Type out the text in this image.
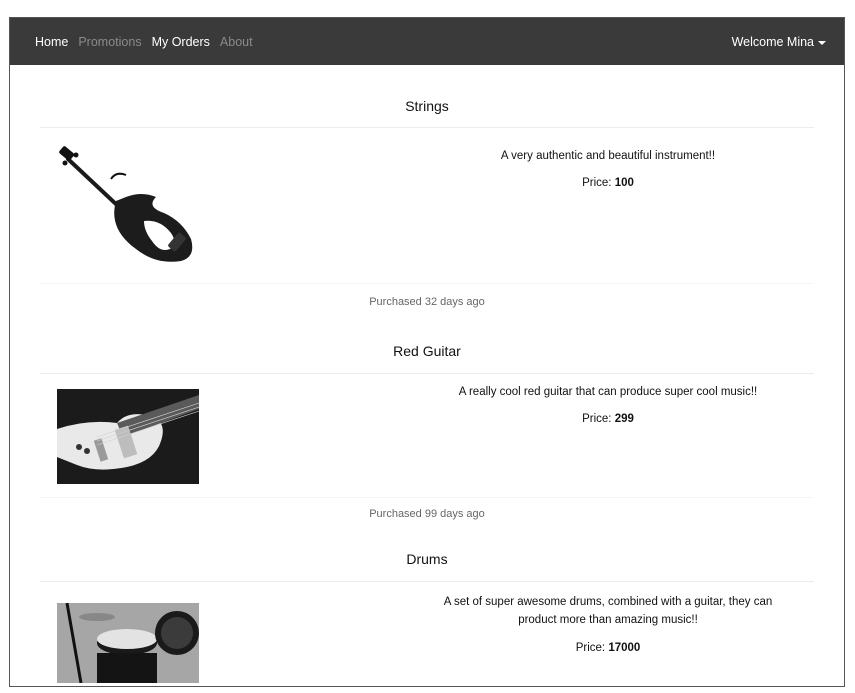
Home Promotions My Orders About	Welcome Mina
Strings
A very authentic and beautiful instrument!!
Price: 100
Purchased 32 days ago
Red Guitar
A really cool red guitar that can produce super cool music!!
Price: 299
Purchased 99 days ago
Drums
A set of super awesome drums, combined with a guitar, they can product more than amazing music!!
Price: 17000
